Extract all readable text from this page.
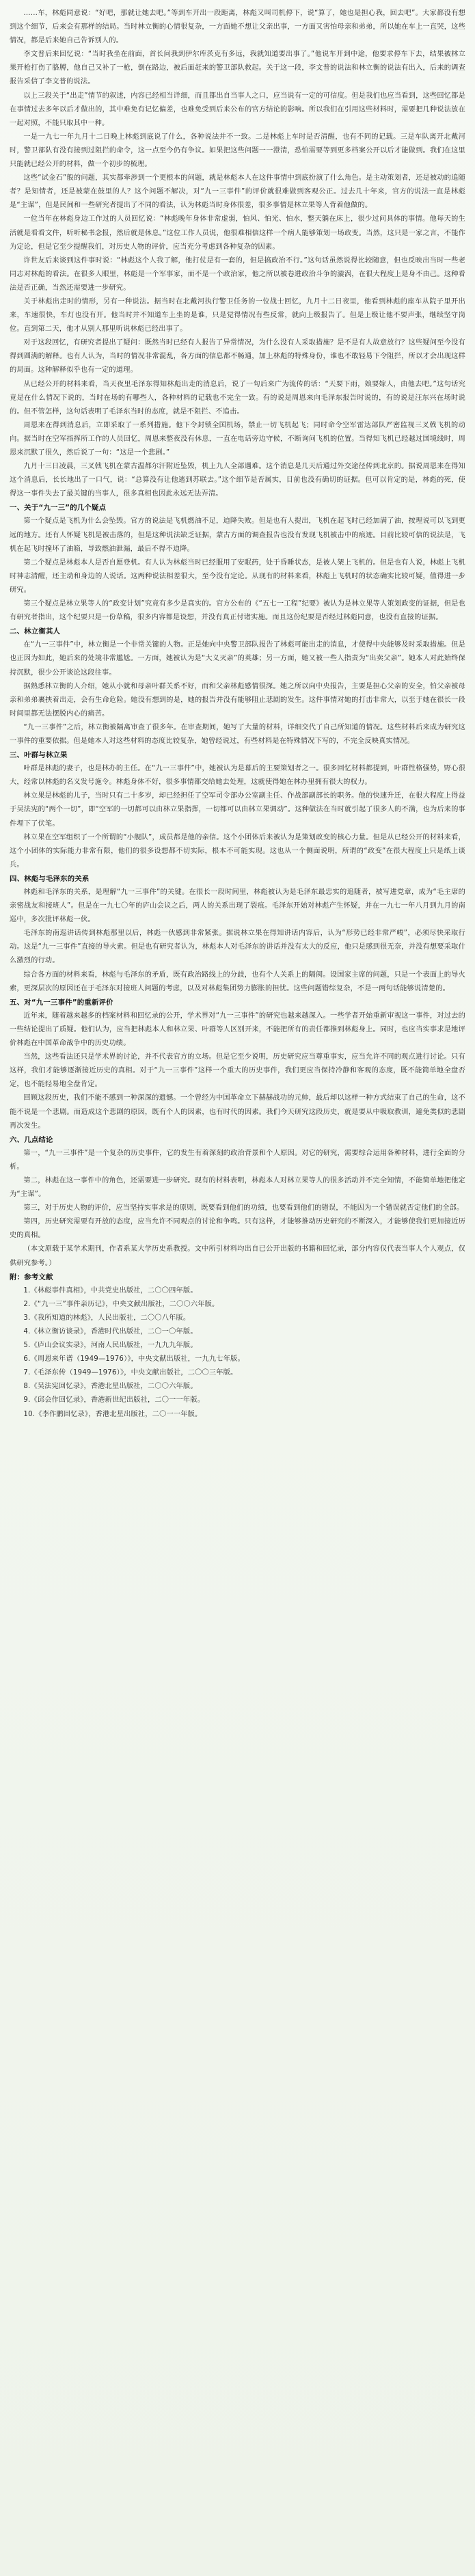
……车，林彪同意说：“好吧，那就让她去吧。”等到车开出一段距离，林彪又叫司机停下，说“算了，她也是担心我，回去吧”。大家都没有想到这个细节，后来会有那样的结局。当时林立衡的心情很复杂，一方面她不想让父亲出事，一方面又害怕母亲和弟弟，所以她在车上一直哭，这些情况，都是后来她自己告诉别人的。

李文普后来回忆说：“当时我坐在前面，首长问我到伊尔库茨克有多远，我就知道要出事了。”他说车开到中途，他要求停车下去，结果被林立果开枪打伤了胳膊，他自己又补了一枪，倒在路边，被后面赶来的警卫部队救起。关于这一段，李文普的说法和林立衡的说法有出入，后来的调查报告采信了李文普的说法。

以上三段关于“出走”情节的叙述，内容已经相当详细，而且都出自当事人之口，应当说有一定的可信度。但是我们也应当看到，这些回忆都是在事情过去多年以后才做出的，其中难免有记忆偏差，也难免受到后来公布的官方结论的影响。所以我们在引用这些材料时，需要把几种说法放在一起对照，不能只取其中一种。

一是一九七一年九月十二日晚上林彪到底说了什么，各种说法并不一致。二是林彪上车时是否清醒，也有不同的记载。三是车队离开北戴河时，警卫部队有没有接到过阻拦的命令，这一点至今仍有争议。如果把这些问题一一澄清，恐怕需要等到更多档案公开以后才能做到。我们在这里只能就已经公开的材料，做一个初步的梳理。

这些“试金石”般的问题，其实都牵涉到一个更根本的问题，就是林彪本人在这件事情中到底扮演了什么角色。是主动策划者，还是被动的追随者？是知情者，还是被蒙在鼓里的人？这个问题不解决，对“九一三事件”的评价就很难做到客观公正。过去几十年来，官方的说法一直是林彪是“主谋”，但是民间和一些研究者提出了不同的看法，认为林彪当时身体很差，很多事情是林立果等人背着他做的。

一位当年在林彪身边工作过的人员回忆说：“林彪晚年身体非常虚弱，怕风、怕光、怕水，整天躺在床上，很少过问具体的事情。他每天的生活就是看看文件，听听秘书念报，然后就是休息。”这位工作人员说，他很难相信这样一个病人能够策划一场政变。当然，这只是一家之言，不能作为定论，但是它至少提醒我们，对历史人物的评价，应当充分考虑到各种复杂的因素。

许世友后来谈到这件事时说：“林彪这个人我了解，他打仗是有一套的，但是搞政治不行。”这句话虽然说得比较随意，但也反映出当时一些老同志对林彪的看法。在很多人眼里，林彪是一个军事家，而不是一个政治家，他之所以被卷进政治斗争的漩涡，在很大程度上是身不由己。这种看法是否正确，当然还需要进一步研究。

关于林彪出走时的情形，另有一种说法。据当时在北戴河执行警卫任务的一位战士回忆，九月十二日夜里，他看到林彪的座车从院子里开出来，车速很快，车灯也没有开。他当时并不知道车上坐的是谁，只是觉得情况有些反常，就向上级报告了。但是上级让他不要声张，继续坚守岗位。直到第二天，他才从别人那里听说林彪已经出事了。

对于这段回忆，有研究者提出了疑问：既然当时已经有人报告了异常情况，为什么没有人采取措施？是不是有人故意放行？这些疑问至今没有得到圆满的解释。也有人认为，当时的情况非常混乱，各方面的信息都不畅通，加上林彪的特殊身份，谁也不敢轻易下令阻拦，所以才会出现这样的局面。这种解释似乎也有一定的道理。

从已经公开的材料来看，当天夜里毛泽东得知林彪出走的消息后，说了一句后来广为流传的话：“天要下雨，娘要嫁人，由他去吧。”这句话究竟是在什么情况下说的，当时在场的有哪些人，各种材料的记载也不完全一致。有的说是周恩来向毛泽东报告时说的，有的说是汪东兴在场时说的。但不管怎样，这句话表明了毛泽东当时的态度，就是不阻拦、不追击。

周恩来在得到消息后，立即采取了一系列措施。他下令封锁全国机场，禁止一切飞机起飞；同时命令空军雷达部队严密监视三叉戟飞机的动向。据当时在空军指挥所工作的人员回忆，周恩来整夜没有休息，一直在电话旁边守候，不断询问飞机的位置。当得知飞机已经越过国境线时，周恩来沉默了很久，然后说了一句：“这是一个悲剧。”

九月十三日凌晨，三叉戟飞机在蒙古温都尔汗附近坠毁，机上九人全部遇难。这个消息是几天后通过外交途径传到北京的。据说周恩来在得知这个消息后，长长地出了一口气，说：“总算没有让他逃到苏联去。”这个细节是否属实，目前也没有确切的证据。但可以肯定的是，林彪的死，使得这一事件失去了最关键的当事人，很多真相也因此永远无法弄清。

一、关于“九一三”的几个疑点

第一个疑点是飞机为什么会坠毁。官方的说法是飞机燃油不足，迫降失败。但是也有人提出，飞机在起飞时已经加满了油，按理说可以飞到更远的地方。还有人怀疑飞机是被击落的，但是这种说法缺乏证据，蒙古方面的调查报告也没有发现飞机被击中的痕迹。目前比较可信的说法是，飞机在起飞时撞坏了油箱，导致燃油泄漏，最后不得不迫降。

第二个疑点是林彪本人是否自愿登机。有人认为林彪当时已经服用了安眠药，处于昏睡状态，是被人架上飞机的。但是也有人说，林彪上飞机时神志清醒，还主动和身边的人说话。这两种说法相差很大，至今没有定论。从现有的材料来看，林彪上飞机时的状态确实比较可疑，值得进一步研究。

第三个疑点是林立果等人的“政变计划”究竟有多少是真实的。官方公布的《“五七一工程”纪要》被认为是林立果等人策划政变的证据，但是也有研究者指出，这个纪要只是一份草稿，很多内容都是设想，并没有真正付诸实施。而且这份纪要是否经过林彪同意，也没有直接的证据。

二、林立衡其人

在“九一三事件”中，林立衡是一个非常关键的人物。正是她向中央警卫部队报告了林彪可能出走的消息，才使得中央能够及时采取措施。但是也正因为如此，她后来的处境非常尴尬。一方面，她被认为是“大义灭亲”的英雄；另一方面，她又被一些人指责为“出卖父亲”。她本人对此始终保持沉默，很少公开谈论这段往事。

据熟悉林立衡的人介绍，她从小就和母亲叶群关系不好，而和父亲林彪感情很深。她之所以向中央报告，主要是担心父亲的安全，怕父亲被母亲和弟弟裹挟着出走，会有生命危险。她没有想到的是，她的报告并没有能够阻止悲剧的发生。这件事情对她的打击非常大，以至于她在很长一段时间里都无法摆脱内心的痛苦。

“九一三事件”之后，林立衡被隔离审查了很多年。在审查期间，她写了大量的材料，详细交代了自己所知道的情况。这些材料后来成为研究这一事件的重要依据。但是她本人对这些材料的态度比较复杂，她曾经说过，有些材料是在特殊情况下写的，不完全反映真实情况。

三、叶群与林立果

叶群是林彪的妻子，也是林办的主任。在“九一三事件”中，她被认为是幕后的主要策划者之一。很多回忆材料都提到，叶群性格强势，野心很大，经常以林彪的名义发号施令。林彪身体不好，很多事情都交给她去处理，这就使得她在林办里拥有很大的权力。

林立果是林彪的儿子，当时只有二十多岁，却已经担任了空军司令部办公室副主任、作战部副部长的职务。他的快速升迁，在很大程度上得益于吴法宪的“两个一切”，即“空军的一切都可以由林立果指挥，一切都可以由林立果调动”。这种做法在当时就引起了很多人的不满，也为后来的事件埋下了伏笔。

林立果在空军组织了一个所谓的“小舰队”，成员都是他的亲信。这个小团体后来被认为是策划政变的核心力量。但是从已经公开的材料来看，这个小团体的实际能力非常有限，他们的很多设想都不切实际，根本不可能实现。这也从一个侧面说明，所谓的“政变”在很大程度上只是纸上谈兵。

四、林彪与毛泽东的关系

林彪和毛泽东的关系，是理解“九一三事件”的关键。在很长一段时间里，林彪被认为是毛泽东最忠实的追随者，被写进党章，成为“毛主席的亲密战友和接班人”。但是在一九七〇年的庐山会议之后，两人的关系出现了裂痕。毛泽东开始对林彪产生怀疑，并在一九七一年八月到九月的南巡中，多次批评林彪一伙。

毛泽东的南巡讲话传到林彪那里以后，林彪一伙感到非常紧张。据说林立果在得知讲话内容后，认为“形势已经非常严峻”，必须尽快采取行动。这是“九一三事件”直接的导火索。但是也有研究者认为，林彪本人对毛泽东的讲话并没有太大的反应，他只是感到很无奈，并没有想要采取什么激烈的行动。

综合各方面的材料来看，林彪与毛泽东的矛盾，既有政治路线上的分歧，也有个人关系上的隔阂。设国家主席的问题，只是一个表面上的导火索，更深层次的原因还在于毛泽东对接班人问题的考虑，以及对林彪集团势力膨胀的担忧。这些问题错综复杂，不是一两句话能够说清楚的。

五、对“九一三事件”的重新评价

近年来，随着越来越多的档案材料和回忆录的公开，学术界对“九一三事件”的研究也越来越深入。一些学者开始重新审视这一事件，对过去的一些结论提出了质疑。他们认为，应当把林彪本人和林立果、叶群等人区别开来，不能把所有的责任都推到林彪身上。同时，也应当实事求是地评价林彪在中国革命战争中的历史功绩。

当然，这些看法还只是学术界的讨论，并不代表官方的立场。但是它至少说明，历史研究应当尊重事实，应当允许不同的观点进行讨论。只有这样，我们才能够逐渐接近历史的真相。对于“九一三事件”这样一个重大的历史事件，我们更应当保持冷静和客观的态度，既不能简单地全盘否定，也不能轻易地全盘肯定。

回顾这段历史，我们不能不感到一种深深的遗憾。一个曾经为中国革命立下赫赫战功的元帅，最后却以这样一种方式结束了自己的生命，这不能不说是一个悲剧。而造成这个悲剧的原因，既有个人的因素，也有时代的因素。我们今天研究这段历史，就是要从中吸取教训，避免类似的悲剧再次发生。

六、几点结论

第一，“九一三事件”是一个复杂的历史事件，它的发生有着深刻的政治背景和个人原因。对它的研究，需要综合运用各种材料，进行全面的分析。

第二，林彪在这一事件中的角色，还需要进一步研究。现有的材料表明，林彪本人对林立果等人的很多活动并不完全知情，不能简单地把他定为“主谋”。

第三，对于历史人物的评价，应当坚持实事求是的原则，既要看到他们的功绩，也要看到他们的错误，不能因为一个错误就否定他们的全部。

第四，历史研究需要有开放的态度，应当允许不同观点的讨论和争鸣。只有这样，才能够推动历史研究的不断深入，才能够使我们更加接近历史的真相。

（本文原载于某学术期刊，作者系某大学历史系教授。文中所引材料均出自已公开出版的书籍和回忆录，部分内容仅代表当事人个人观点，仅供研究参考。）

附：参考文献

1.《林彪事件真相》，中共党史出版社，二〇〇四年版。

2.《“九一三”事件亲历记》，中央文献出版社，二〇〇六年版。

3.《我所知道的林彪》，人民出版社，二〇〇八年版。

4.《林立衡访谈录》，香港时代出版社，二〇一〇年版。

5.《庐山会议实录》，河南人民出版社，一九九九年版。

6.《周恩来年谱（1949—1976）》，中央文献出版社，一九九七年版。

7.《毛泽东传（1949—1976）》，中央文献出版社，二〇〇三年版。

8.《吴法宪回忆录》，香港北星出版社，二〇〇六年版。

9.《邱会作回忆录》，香港新世纪出版社，二〇一一年版。

10.《李作鹏回忆录》，香港北星出版社，二〇一一年版。
